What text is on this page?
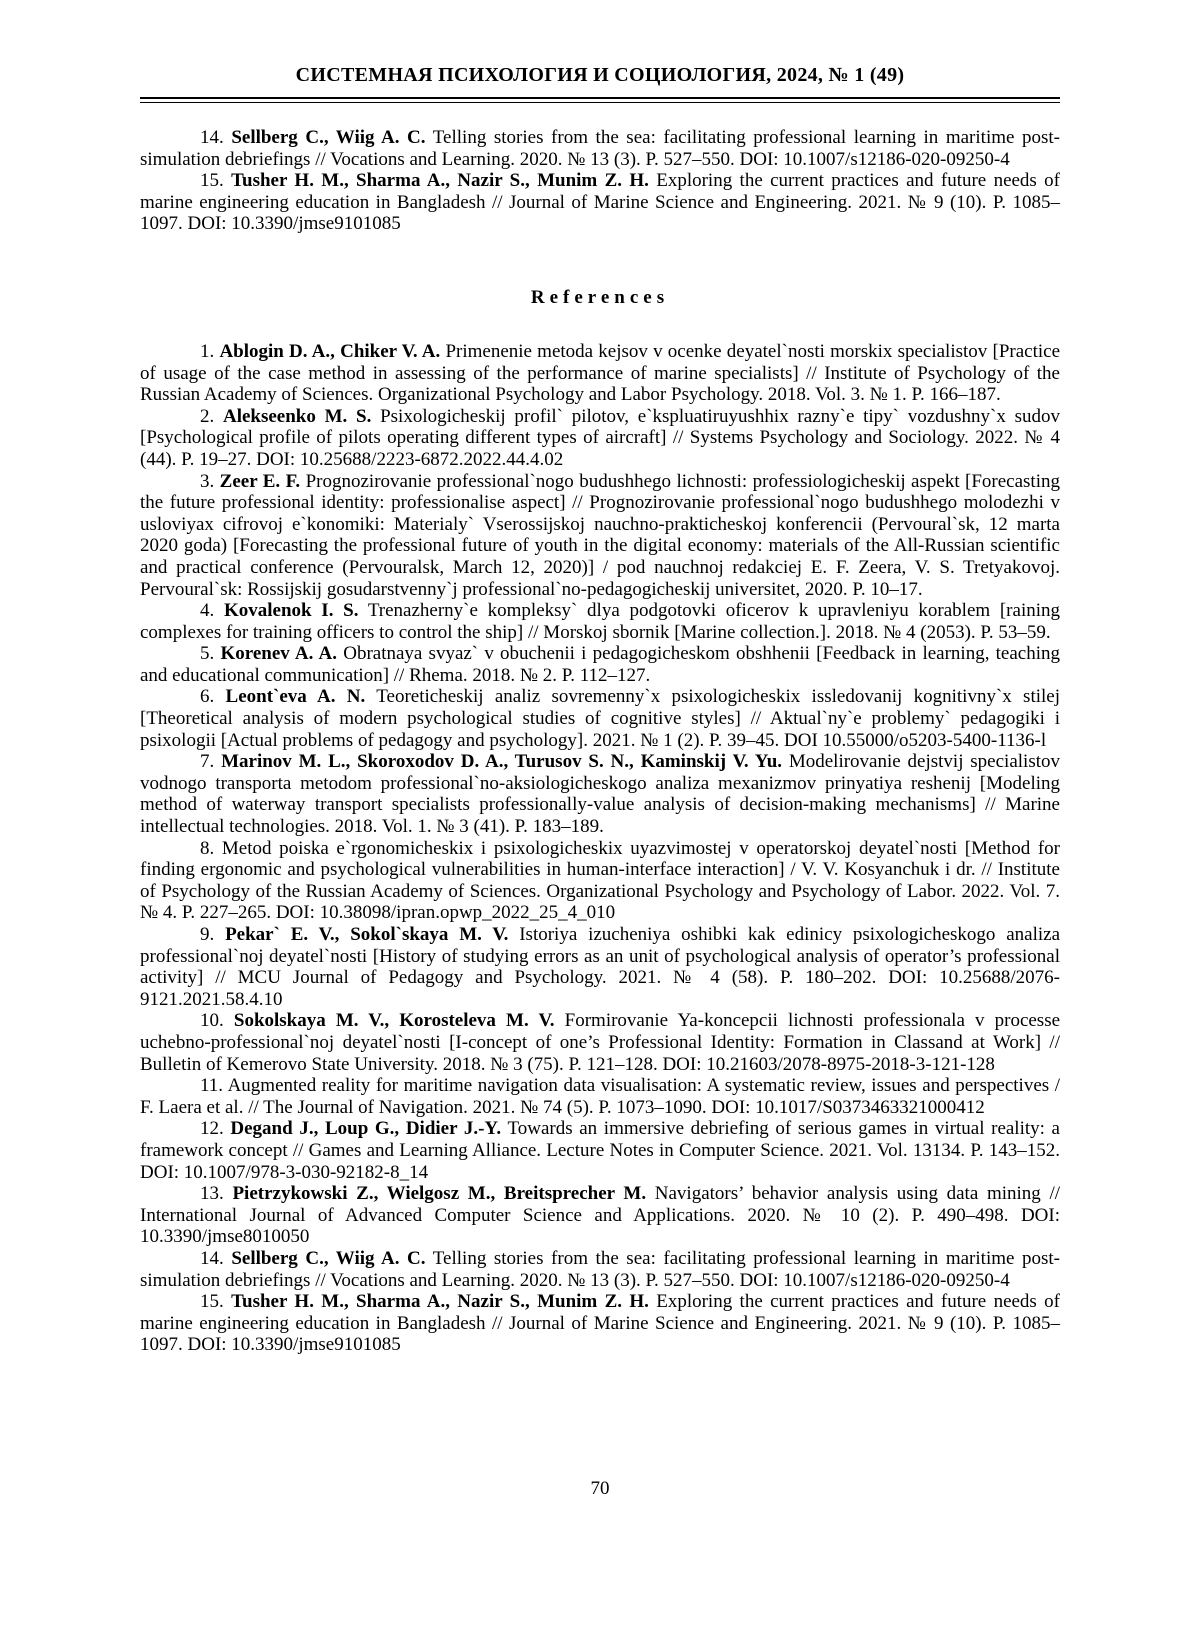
СИСТЕМНАЯ ПСИХОЛОГИЯ И СОЦИОЛОГИЯ, 2024, № 1 (49)

14. Sellberg C., Wiig A. C. Telling stories from the sea: facilitating professional learning in maritime post-simulation debriefings // Vocations and Learning. 2020. № 13 (3). P. 527–550. DOI: 10.1007/s12186-020-09250-4

15. Tusher H. M., Sharma A., Nazir S., Munim Z. H. Exploring the current practices and future needs of marine engineering education in Bangladesh // Journal of Marine Science and Engineering. 2021. № 9 (10). P. 1085–1097. DOI: 10.3390/jmse9101085

References

1. Ablogin D. A., Chiker V. A. Primenenie metoda kejsov v ocenke deyatel`nosti morskix specialistov [Practice of usage of the case method in assessing of the performance of marine specialists] // Institute of Psychology of the Russian Academy of Sciences. Organizational Psychology and Labor Psychology. 2018. Vol. 3. № 1. P. 166–187.

2. Alekseenko M. S. Psixologicheskij profil` pilotov, e`kspluatiruyushhix razny`e tipy` vozdushny`x sudov [Psychological profile of pilots operating different types of aircraft] // Systems Psychology and Sociology. 2022. № 4 (44). P. 19–27. DOI: 10.25688/2223-6872.2022.44.4.02

3. Zeer E. F. Prognozirovanie professional`nogo budushhego lichnosti: professiologicheskij aspekt [Forecasting the future professional identity: professionalise aspect] // Prognozirovanie professional`nogo budushhego molodezhi v usloviyax cifrovoj e`konomiki: Materialy` Vserossijskoj nauchno-prakticheskoj konferencii (Pervoural`sk, 12 marta 2020 goda) [Forecasting the professional future of youth in the digital economy: materials of the All-Russian scientific and practical conference (Pervouralsk, March 12, 2020)] / pod nauchnoj redakciej E. F. Zeera, V. S. Tretyakovoj. Pervoural`sk: Rossijskij gosudarstvenny`j professional`no-pedagogicheskij universitet, 2020. P. 10–17.

4. Kovalenok I. S. Trenazherny`e kompleksy` dlya podgotovki oficerov k upravleniyu korablem [raining complexes for training officers to control the ship] // Morskoj sbornik [Marine collection.]. 2018. № 4 (2053). P. 53–59.

5. Korenev A. A. Obratnaya svyaz` v obuchenii i pedagogicheskom obshhenii [Feedback in learning, teaching and educational communication] // Rhema. 2018. № 2. P. 112–127.

6. Leont`eva A. N. Teoreticheskij analiz sovremenny`x psixologicheskix issledovanij kognitivny`x stilej [Theoretical analysis of modern psychological studies of cognitive styles] // Aktual`ny`e problemy` pedagogiki i psixologii [Actual problems of pedagogy and psychology]. 2021. № 1 (2). P. 39–45. DOI 10.55000/o5203-5400-1136-l

7. Marinov M. L., Skoroxodov D. A., Turusov S. N., Kaminskij V. Yu. Modelirovanie dejstvij specialistov vodnogo transporta metodom professional`no-aksiologicheskogo analiza mexanizmov prinyatiya reshenij [Modeling method of waterway transport specialists professionally-value analysis of decision-making mechanisms] // Marine intellectual technologies. 2018. Vol. 1. № 3 (41). P. 183–189.

8. Metod poiska e`rgonomicheskix i psixologicheskix uyazvimostej v operatorskoj deyatel`nosti [Method for finding ergonomic and psychological vulnerabilities in human-interface interaction] / V. V. Kosyanchuk i dr. // Institute of Psychology of the Russian Academy of Sciences. Organizational Psychology and Psychology of Labor. 2022. Vol. 7. № 4. P. 227–265. DOI: 10.38098/ipran.opwp_2022_25_4_010

9. Pekar` E. V., Sokol`skaya M. V. Istoriya izucheniya oshibki kak edinicy psixologicheskogo analiza professional`noj deyatel`nosti [History of studying errors as an unit of psychological analysis of operator’s professional activity] // MCU Journal of Pedagogy and Psychology. 2021. № 4 (58). P. 180–202. DOI: 10.25688/2076-9121.2021.58.4.10

10. Sokolskaya M. V., Korosteleva M. V. Formirovanie Ya-koncepcii lichnosti professionala v processe uchebno-professional`noj deyatel`nosti [I-concept of one’s Professional Identity: Formation in Classand at Work] // Bulletin of Kemerovo State University. 2018. № 3 (75). P. 121–128. DOI: 10.21603/2078-8975-2018-3-121-128

11. Augmented reality for maritime navigation data visualisation: A systematic review, issues and perspectives / F. Laera et al. // The Journal of Navigation. 2021. № 74 (5). P. 1073–1090. DOI: 10.1017/S0373463321000412

12. Degand J., Loup G., Didier J.-Y. Towards an immersive debriefing of serious games in virtual reality: a framework concept // Games and Learning Alliance. Lecture Notes in Computer Science. 2021. Vol. 13134. P. 143–152. DOI: 10.1007/978-3-030-92182-8_14

13. Pietrzykowski Z., Wielgosz M., Breitsprecher M. Navigators’ behavior analysis using data mining // International Journal of Advanced Computer Science and Applications. 2020. № 10 (2). P. 490–498. DOI: 10.3390/jmse8010050

14. Sellberg C., Wiig A. C. Telling stories from the sea: facilitating professional learning in maritime post-simulation debriefings // Vocations and Learning. 2020. № 13 (3). P. 527–550. DOI: 10.1007/s12186-020-09250-4

15. Tusher H. M., Sharma A., Nazir S., Munim Z. H. Exploring the current practices and future needs of marine engineering education in Bangladesh // Journal of Marine Science and Engineering. 2021. № 9 (10). P. 1085–1097. DOI: 10.3390/jmse9101085

70
